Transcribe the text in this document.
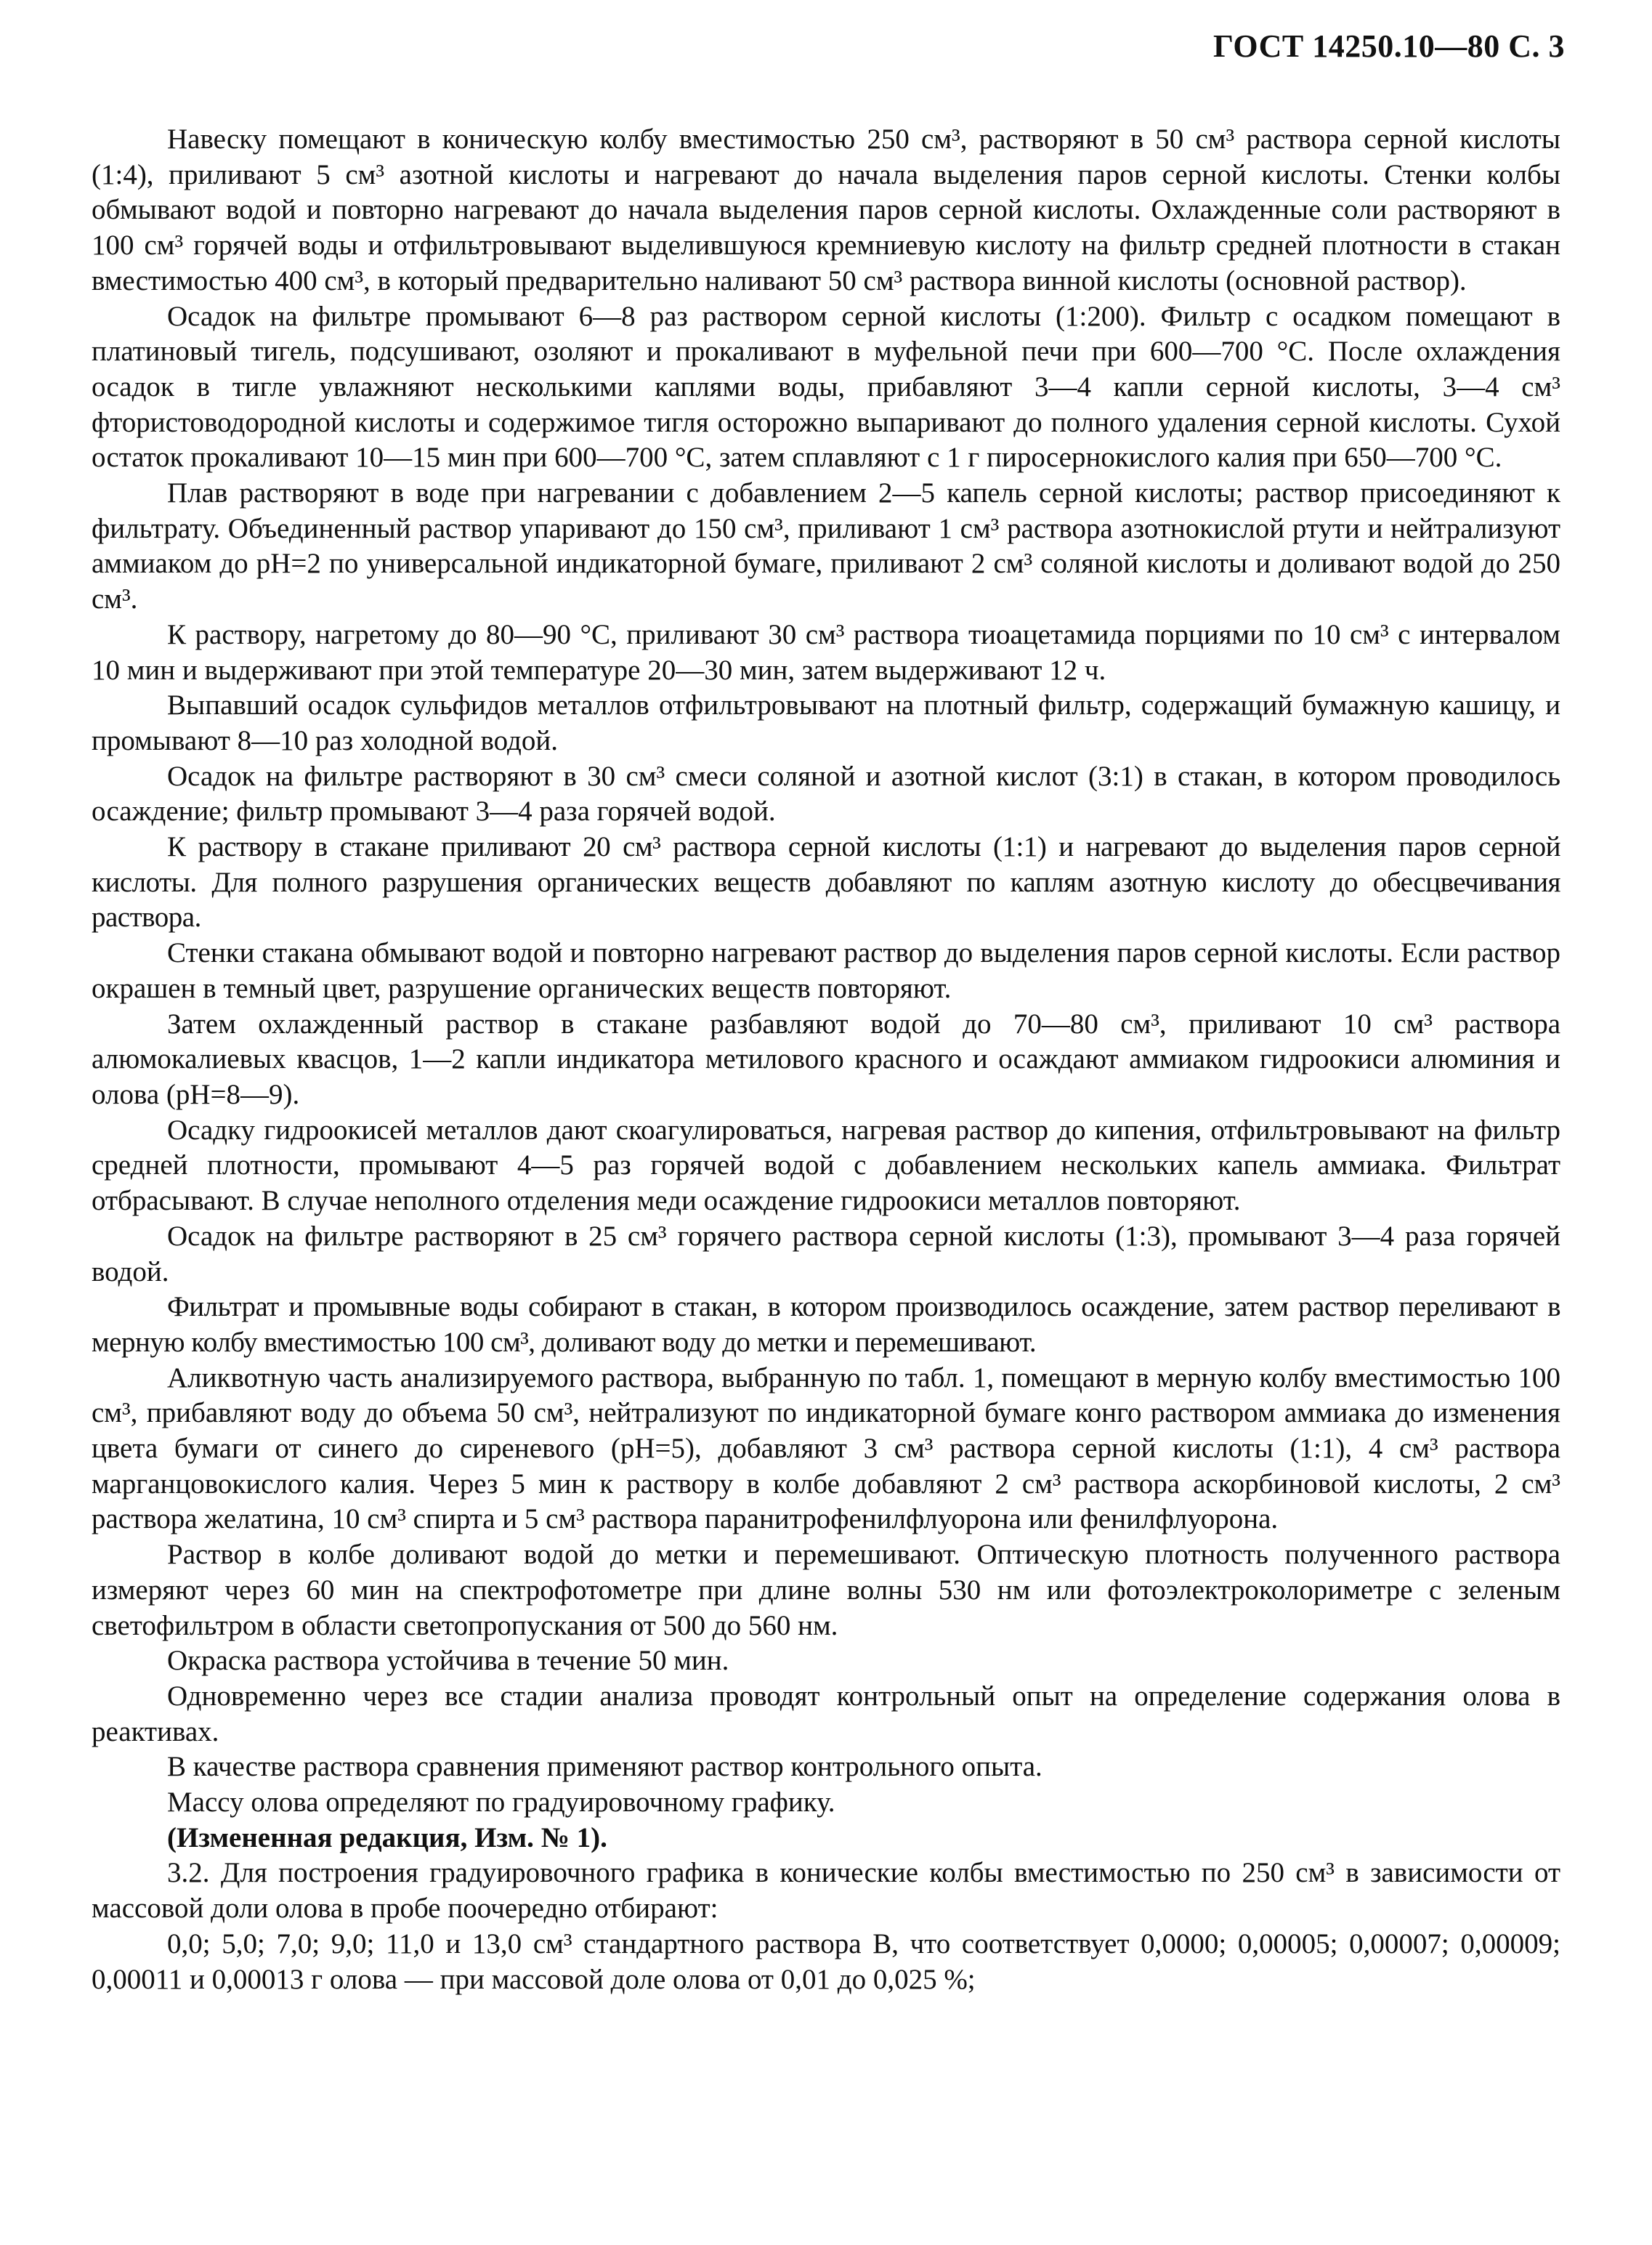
ГОСТ 14250.10—80 С. 3

Навеску помещают в коническую колбу вместимостью 250 см³, растворяют в 50 см³ раствора серной кислоты (1:4), приливают 5 см³ азотной кислоты и нагревают до начала выделения паров серной кислоты. Стенки колбы обмывают водой и повторно нагревают до начала выделения паров серной кислоты. Охлажденные соли растворяют в 100 см³ горячей воды и отфильтровывают выделившуюся кремниевую кислоту на фильтр средней плотности в стакан вместимостью 400 см³, в который предварительно наливают 50 см³ раствора винной кислоты (основной раствор).

Осадок на фильтре промывают 6—8 раз раствором серной кислоты (1:200). Фильтр с осадком помещают в платиновый тигель, подсушивают, озоляют и прокаливают в муфельной печи при 600—700 °С. После охлаждения осадок в тигле увлажняют несколькими каплями воды, прибавляют 3—4 капли серной кислоты, 3—4 см³ фтористоводородной кислоты и содержимое тигля осторожно выпаривают до полного удаления серной кислоты. Сухой остаток прокаливают 10—15 мин при 600—700 °С, затем сплавляют с 1 г пиросернокислого калия при 650—700 °С.

Плав растворяют в воде при нагревании с добавлением 2—5 капель серной кислоты; раствор присоединяют к фильтрату. Объединенный раствор упаривают до 150 см³, приливают 1 см³ раствора азотнокислой ртути и нейтрализуют аммиаком до pH=2 по универсальной индикаторной бумаге, приливают 2 см³ соляной кислоты и доливают водой до 250 см³.

К раствору, нагретому до 80—90 °С, приливают 30 см³ раствора тиоацетамида порциями по 10 см³ с интервалом 10 мин и выдерживают при этой температуре 20—30 мин, затем выдерживают 12 ч.

Выпавший осадок сульфидов металлов отфильтровывают на плотный фильтр, содержащий бумажную кашицу, и промывают 8—10 раз холодной водой.

Осадок на фильтре растворяют в 30 см³ смеси соляной и азотной кислот (3:1) в стакан, в котором проводилось осаждение; фильтр промывают 3—4 раза горячей водой.

К раствору в стакане приливают 20 см³ раствора серной кислоты (1:1) и нагревают до выделения паров серной кислоты. Для полного разрушения органических веществ добавляют по каплям азотную кислоту до обесцвечивания раствора.

Стенки стакана обмывают водой и повторно нагревают раствор до выделения паров серной кислоты. Если раствор окрашен в темный цвет, разрушение органических веществ повторяют.

Затем охлажденный раствор в стакане разбавляют водой до 70—80 см³, приливают 10 см³ раствора алюмокалиевых квасцов, 1—2 капли индикатора метилового красного и осаждают аммиаком гидроокиси алюминия и олова (pH=8—9).

Осадку гидроокисей металлов дают скоагулироваться, нагревая раствор до кипения, отфильтровывают на фильтр средней плотности, промывают 4—5 раз горячей водой с добавлением нескольких капель аммиака. Фильтрат отбрасывают. В случае неполного отделения меди осаждение гидроокиси металлов повторяют.

Осадок на фильтре растворяют в 25 см³ горячего раствора серной кислоты (1:3), промывают 3—4 раза горячей водой.

Фильтрат и промывные воды собирают в стакан, в котором производилось осаждение, затем раствор переливают в мерную колбу вместимостью 100 см³, доливают воду до метки и перемешивают.

Аликвотную часть анализируемого раствора, выбранную по табл. 1, помещают в мерную колбу вместимостью 100 см³, прибавляют воду до объема 50 см³, нейтрализуют по индикаторной бумаге конго раствором аммиака до изменения цвета бумаги от синего до сиреневого (pH=5), добавляют 3 см³ раствора серной кислоты (1:1), 4 см³ раствора марганцовокислого калия. Через 5 мин к раствору в колбе добавляют 2 см³ раствора аскорбиновой кислоты, 2 см³ раствора желатина, 10 см³ спирта и 5 см³ раствора паранитрофенилфлуорона или фенилфлуорона.

Раствор в колбе доливают водой до метки и перемешивают. Оптическую плотность полученного раствора измеряют через 60 мин на спектрофотометре при длине волны 530 нм или фотоэлектроколориметре с зеленым светофильтром в области светопропускания от 500 до 560 нм.

Окраска раствора устойчива в течение 50 мин.

Одновременно через все стадии анализа проводят контрольный опыт на определение содержания олова в реактивах.

В качестве раствора сравнения применяют раствор контрольного опыта.

Массу олова определяют по градуировочному графику.

(Измененная редакция, Изм. № 1).

3.2. Для построения градуировочного графика в конические колбы вместимостью по 250 см³ в зависимости от массовой доли олова в пробе поочередно отбирают:

0,0; 5,0; 7,0; 9,0; 11,0 и 13,0 см³ стандартного раствора В, что соответствует 0,0000; 0,00005; 0,00007; 0,00009; 0,00011 и 0,00013 г олова — при массовой доле олова от 0,01 до 0,025 %;
